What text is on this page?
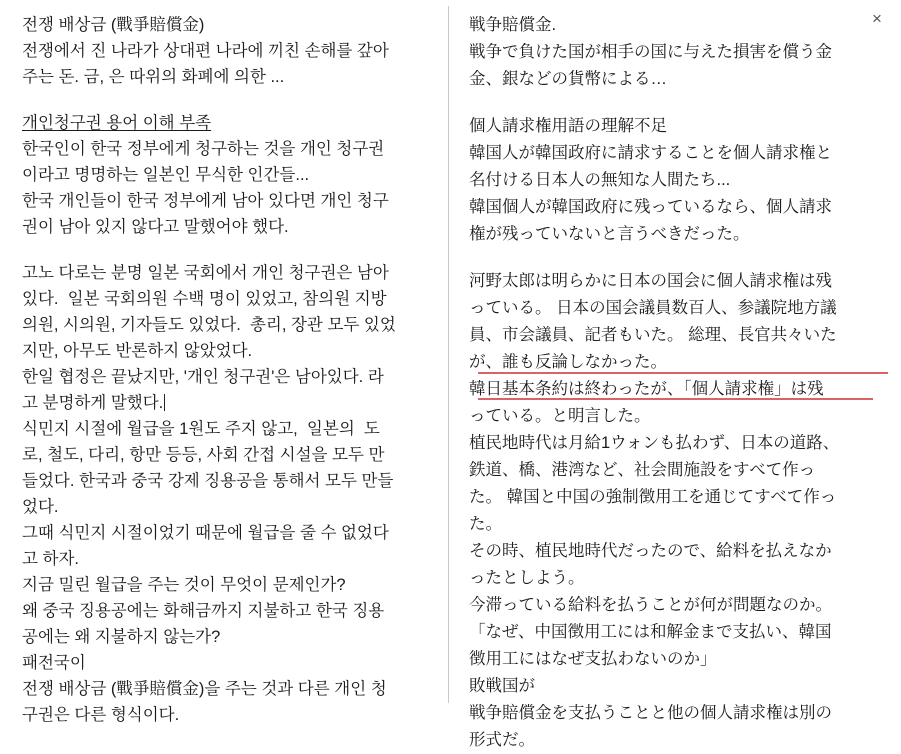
전쟁 배상금 (戰爭賠償金)
전쟁에서 진 나라가 상대편 나라에 끼친 손해를 갚아
주는 돈. 금, 은 따위의 화폐에 의한 ...
개인청구권 용어 이해 부족
한국인이 한국 정부에게 청구하는 것을 개인 청구권
이라고 명명하는 일본인 무식한 인간들...
한국 개인들이 한국 정부에게 남아 있다면 개인 청구
권이 남아 있지 않다고 말했어야 했다.
고노 다로는 분명 일본 국회에서 개인 청구권은 남아
있다.  일본 국회의원 수백 명이 있었고, 참의원 지방
의원, 시의원, 기자들도 있었다.  총리, 장관 모두 있었
지만, 아무도 반론하지 않았었다.
한일 협정은 끝났지만, '개인 청구권'은 남아있다. 라
고 분명하게 말했다.
식민지 시절에 월급을 1원도 주지 않고,  일본의  도
로, 철도, 다리, 항만 등등, 사회 간접 시설을 모두 만
들었다. 한국과 중국 강제 징용공을 통해서 모두 만들
었다.
그때 식민지 시절이었기 때문에 월급을 줄 수 없었다
고 하자.
지금 밀린 월급을 주는 것이 무엇이 문제인가?
왜 중국 징용공에는 화해금까지 지불하고 한국 징용
공에는 왜 지불하지 않는가?
패전국이
전쟁 배상금 (戰爭賠償金)을 주는 것과 다른 개인 청
구권은 다른 형식이다.
戦争賠償金.
戦争で負けた国が相手の国に与えた損害を償う金
金、銀などの貨幣による…
個人請求権用語の理解不足
韓国人が韓国政府に請求することを個人請求権と
名付ける日本人の無知な人間たち...
韓国個人が韓国政府に残っているなら、個人請求
権が残っていないと言うべきだった。
河野太郎は明らかに日本の国会に個人請求権は残
っている。 日本の国会議員数百人、参議院地方議
員、市会議員、記者もいた。 総理、長官共々いた
が、誰も反論しなかった。
韓日基本条約は終わったが、「個人請求権」は残
っている。と明言した。
植民地時代は月給1ウォンも払わず、日本の道路、
鉄道、橋、港湾など、社会間施設をすべて作っ
た。 韓国と中国の強制徴用工を通じてすべて作っ
た。
その時、植民地時代だったので、給料を払えなか
ったとしよう。
今滞っている給料を払うことが何が問題なのか。
「なぜ、中国徴用工には和解金まで支払い、韓国
徴用工にはなぜ支払わないのか」
敗戦国が
戦争賠償金を支払うことと他の個人請求権は別の
形式だ。
×
